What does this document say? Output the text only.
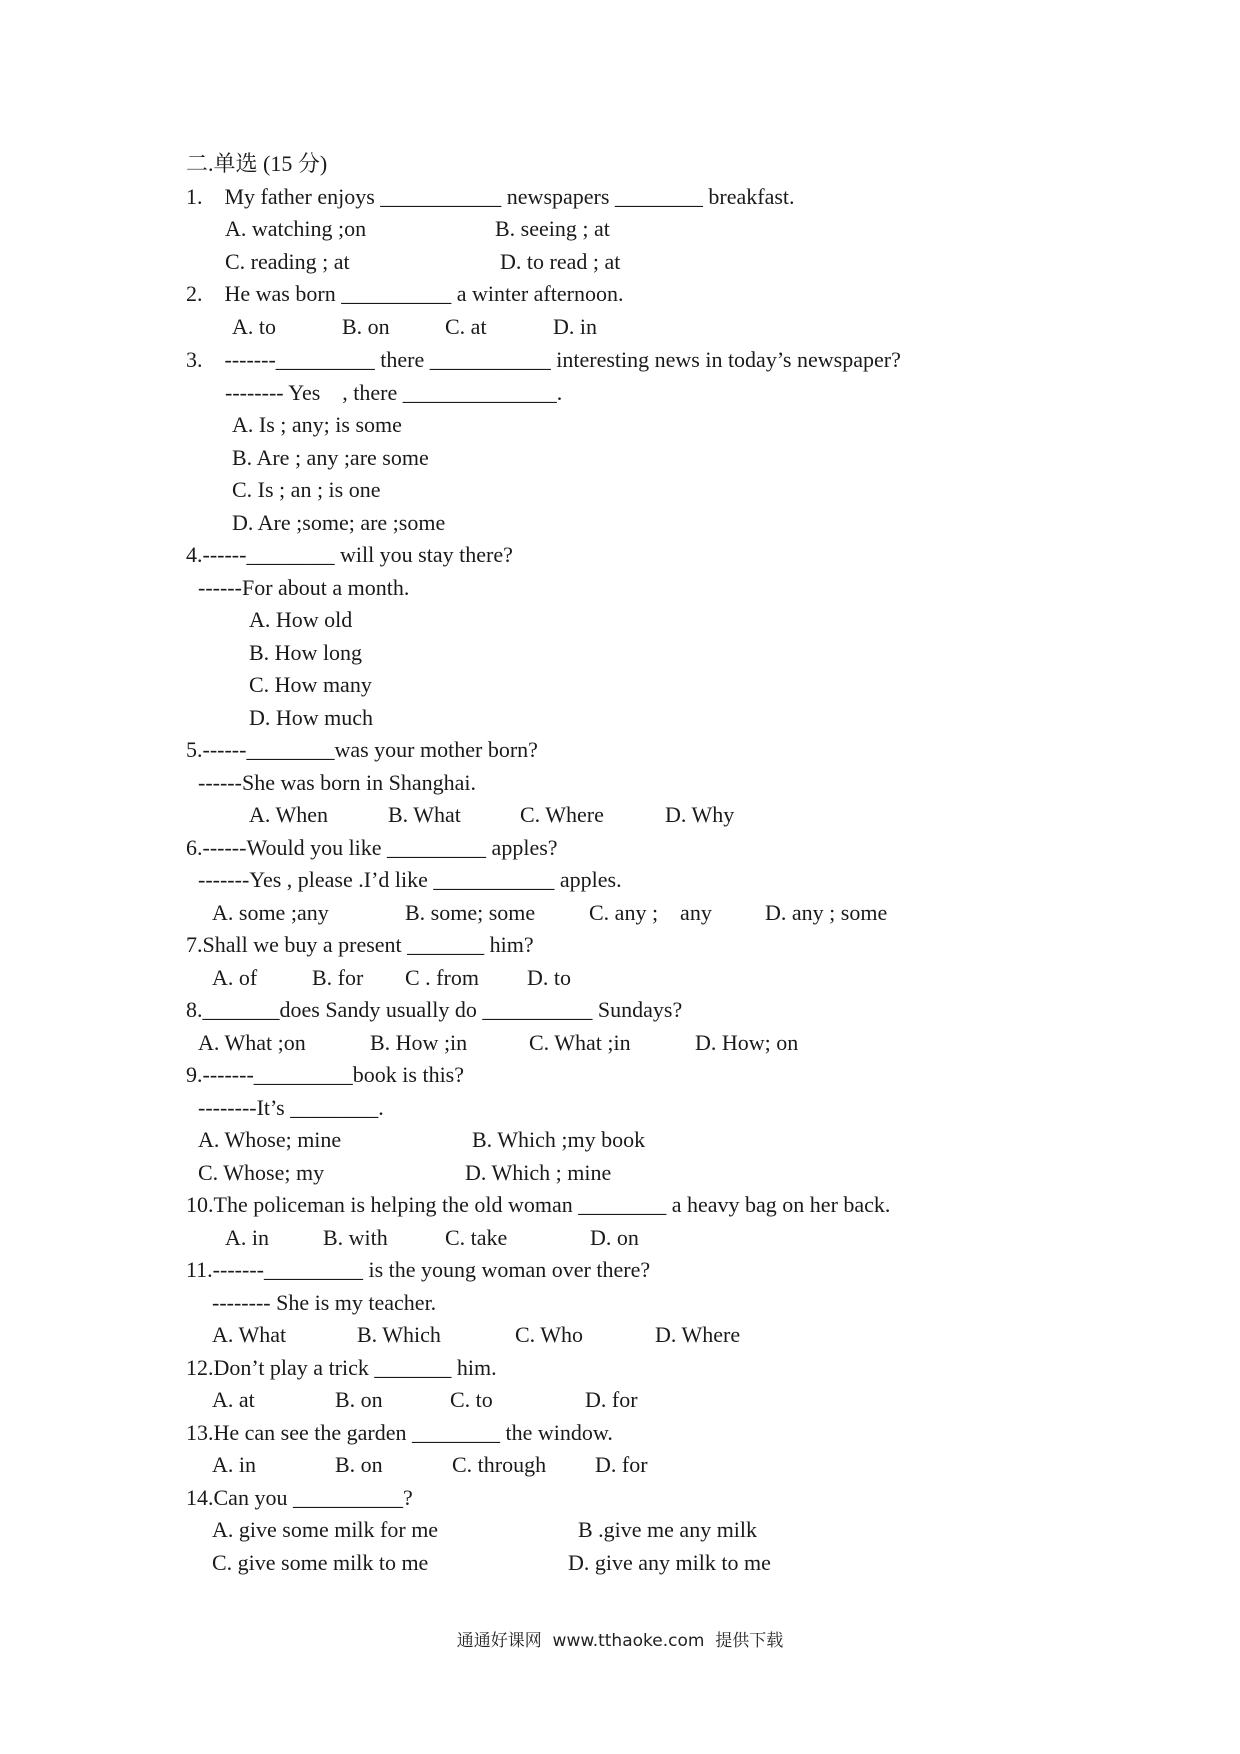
二.单选 (15 分)
1.    My father enjoys ___________ newspapers ________ breakfast.
A. watching ;on	B. seeing ; at
C. reading ; at	D. to read ; at
2.    He was born __________ a winter afternoon.
A. to	B. on	C. at	D. in
3.    -------_________ there ___________ interesting news in today’s newspaper?
-------- Yes    , there ______________.
A. Is ; any; is some
B. Are ; any ;are some
C. Is ; an ; is one
D. Are ;some; are ;some
4.------________ will you stay there?
------For about a month.
A. How old
B. How long
C. How many
D. How much
5.------________was your mother born?
------She was born in Shanghai.
A. When	B. What	C. Where	D. Why
6.------Would you like _________ apples?
-------Yes , please .I’d like ___________ apples.
A. some ;any	B. some; some C. any ;    any D. any ; some
7.Shall we buy a present _______ him?
A. of B. for C . from D. to
8._______does Sandy usually do __________ Sundays?
A. What ;on	B. How ;in	C. What ;in	D. How; on
9.-------_________book is this?
--------It’s ________.
A. Whose; mine	B. Which ;my book
C. Whose; my	D. Which ; mine
10.The policeman is helping the old woman ________ a heavy bag on her back.
A. in B. with	C. take	D. on
11.-------_________ is the young woman over there?
-------- She is my teacher.
A. What	B. Which	C. Who	D. Where
12.Don’t play a trick _______ him.
A. at	B. on	C. to	D. for
13.He can see the garden ________ the window.
A. in	B. on	C. through D. for
14.Can you __________?
A. give some milk for me	B .give me any milk
C. give some milk to me	D. give any milk to me
通通好课网  www.tthaoke.com  提供下载
